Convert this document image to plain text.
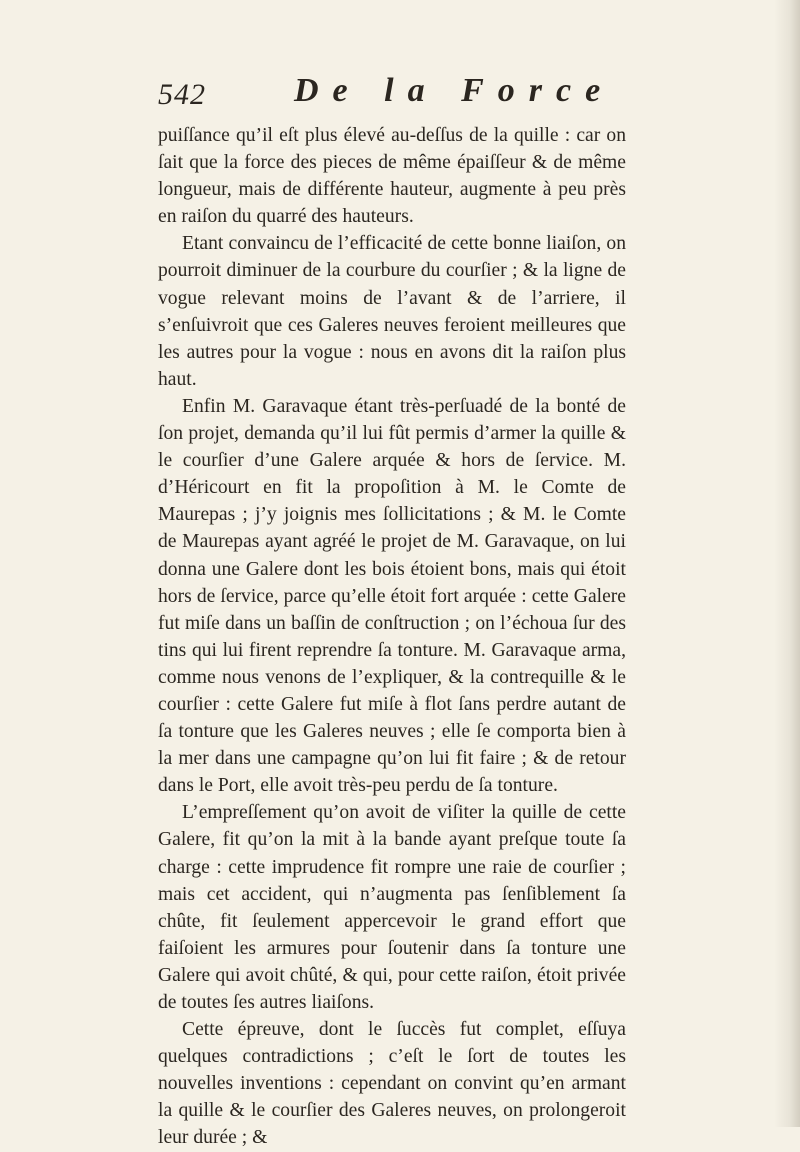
542	De la Force

puiſſance qu’il eſt plus élevé au-deſſus de la quille : car on ſait que la force des pieces de même épaiſſeur & de même longueur, mais de différente hauteur, augmente à peu près en raiſon du quarré des hauteurs.

Etant convaincu de l’efficacité de cette bonne liaiſon, on pourroit diminuer de la courbure du courſier ; & la ligne de vogue relevant moins de l’avant & de l’arriere, il s’enſuivroit que ces Galeres neuves feroient meilleures que les autres pour la vogue : nous en avons dit la raiſon plus haut.

Enfin M. Garavaque étant très-perſuadé de la bonté de ſon projet, demanda qu’il lui fût permis d’armer la quille & le courſier d’une Galere arquée & hors de ſervice. M. d’Héricourt en fit la propoſition à M. le Comte de Maurepas ; j’y joignis mes ſollicitations ; & M. le Comte de Maurepas ayant agréé le projet de M. Garavaque, on lui donna une Galere dont les bois étoient bons, mais qui étoit hors de ſervice, parce qu’elle étoit fort arquée : cette Galere fut miſe dans un baſſin de conſtruction ; on l’échoua ſur des tins qui lui firent reprendre ſa tonture. M. Garavaque arma, comme nous venons de l’expliquer, & la contrequille & le courſier : cette Galere fut miſe à flot ſans perdre autant de ſa tonture que les Galeres neuves ; elle ſe comporta bien à la mer dans une campagne qu’on lui fit faire ; & de retour dans le Port, elle avoit très-peu perdu de ſa tonture.

L’empreſſement qu’on avoit de viſiter la quille de cette Galere, fit qu’on la mit à la bande ayant preſque toute ſa charge : cette imprudence fit rompre une raie de courſier ; mais cet accident, qui n’augmenta pas ſenſiblement ſa chûte, fit ſeulement appercevoir le grand effort que faiſoient les armures pour ſoutenir dans ſa tonture une Galere qui avoit chûté, & qui, pour cette raiſon, étoit privée de toutes ſes autres liaiſons.

Cette épreuve, dont le ſuccès fut complet, eſſuya quelques contradictions ; c’eſt le ſort de toutes les nouvelles inventions : cependant on convint qu’en armant la quille & le courſier des Galeres neuves, on prolongeroit leur durée ; &
